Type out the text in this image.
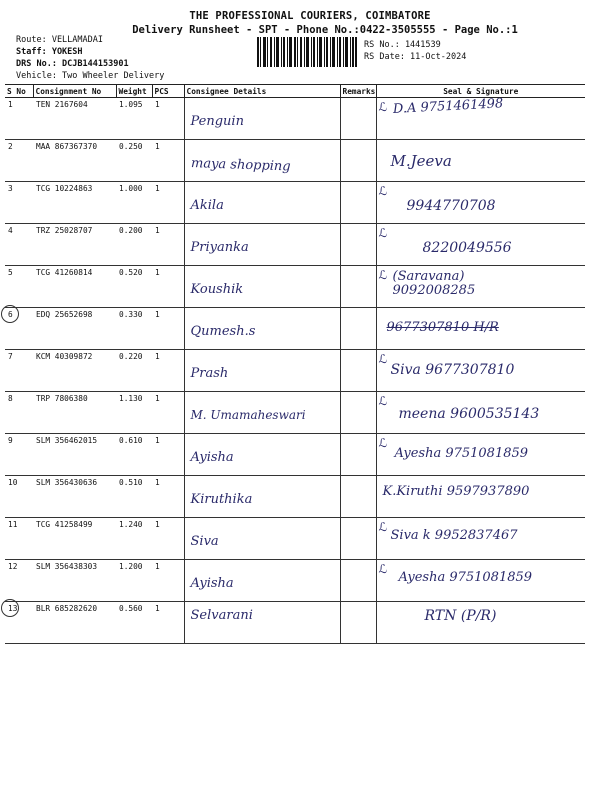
THE PROFESSIONAL COURIERS, COIMBATORE
Delivery Runsheet - SPT - Phone No.:0422-3505555 - Page No.:1
Route: VELLAMADAI
Staff: YOKESH
DRS No.: DCJB144153901
Vehicle: Two Wheeler Delivery
RS No.: 1441539
RS Date: 11-Oct-2024
S No	Consignment No	Weight	PCS	Consignee Details	Remarks	Seal & Signature
1	TEN 2167604	1.095	1	Penguin		ℒ D.A 9751461498

2	MAA 867367370	0.250	1	maya shopping		M.Jeeva

3	TCG 10224863	1.000	1	Akila		ℒ
9944770708

4	TRZ 25028707	0.200	1	Priyanka		ℒ
8220049556

5	TCG 41260814	0.520	1	Koushik		ℒ (Saravana) 9092008285

6	EDQ 25652698	0.330	1	Qumesh.s		9677307810 H/R

7	KCM 40309872	0.220	1	Prash		ℒ
Siva 9677307810

8	TRP 7806380	1.130	1	M. Umamaheswari		ℒ
meena 9600535143

9	SLM 356462015	0.610	1	Ayisha		ℒ
Ayesha 9751081859

10	SLM 356430636	0.510	1	Kiruthika		K.Kiruthi 9597937890

11	TCG 41258499	1.240	1	Siva		ℒ
Siva k 9952837467

12	SLM 356438303	1.200	1	Ayisha		ℒ
Ayesha 9751081859

13	BLR 685282620	0.560	1	Selvarani		RTN (P/R)
